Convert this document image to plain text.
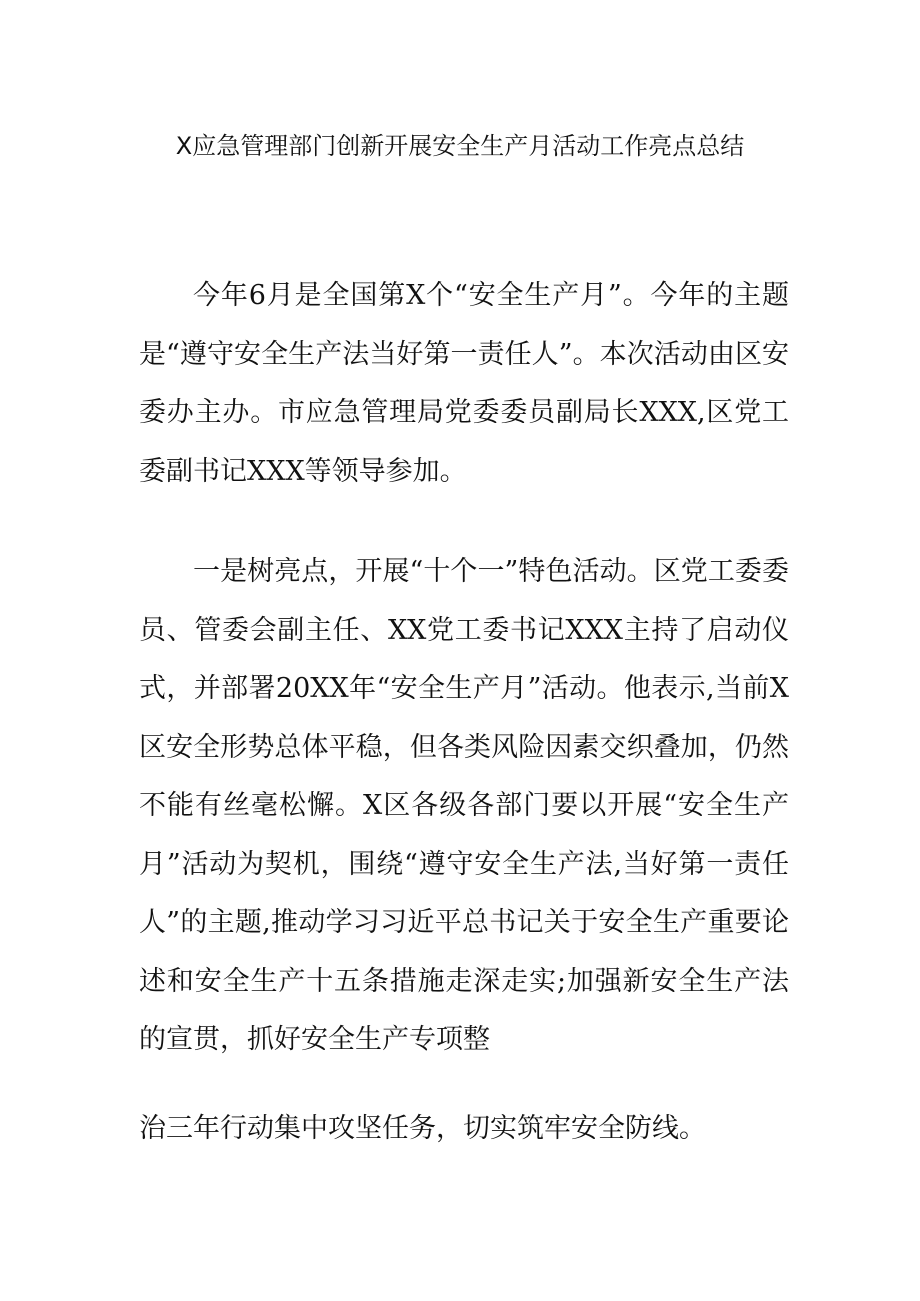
X应急管理部门创新开展安全生产月活动工作亮点总结

今年6月是全国第X个“安全生产月”。今年的主题是“遵守安全生产法当好第一责任人”。本次活动由区安委办主办。市应急管理局党委委员副局长XXX,区党工委副书记XXX等领导参加。

一是树亮点，开展“十个一”特色活动。区党工委委员、管委会副主任、XX党工委书记XXX主持了启动仪式，并部署20XX年“安全生产月”活动。他表示,当前X区安全形势总体平稳，但各类风险因素交织叠加，仍然不能有丝毫松懈。X区各级各部门要以开展“安全生产月”活动为契机，围绕“遵守安全生产法,当好第一责任人”的主题,推动学习习近平总书记关于安全生产重要论述和安全生产十五条措施走深走实;加强新安全生产法的宣贯，抓好安全生产专项整

治三年行动集中攻坚任务，切实筑牢安全防线。
